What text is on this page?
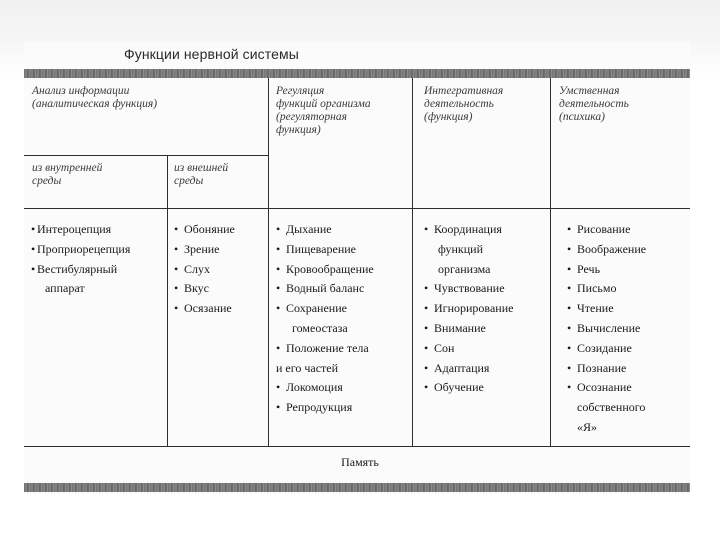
Функции нервной системы

Анализ информации
(аналитическая функция)

Регуляция
функций организма
(регуляторная
функция)

Интегративная
деятельность
(функция)

Умственная
деятельность
(психика)

из внутренней
среды

из внешней
среды

• Интероцепция
• Проприорецепция
• Вестибулярный
аппарат
• Обоняние
• Зрение
• Слух
• Вкус
• Осязание
• Дыхание
• Пищеварение
• Кровообращение
• Водный баланс
• Сохранение
гомеостаза
• Положение тела
и его частей
• Локомоция
• Репродукция
• Координация
функций
организма
• Чувствование
• Игнорирование
• Внимание
• Сон
• Адаптация
• Обучение
• Рисование
• Воображение
• Речь
• Письмо
• Чтение
• Вычисление
• Созидание
• Познание
• Осознание
собственного
«Я»
Память
